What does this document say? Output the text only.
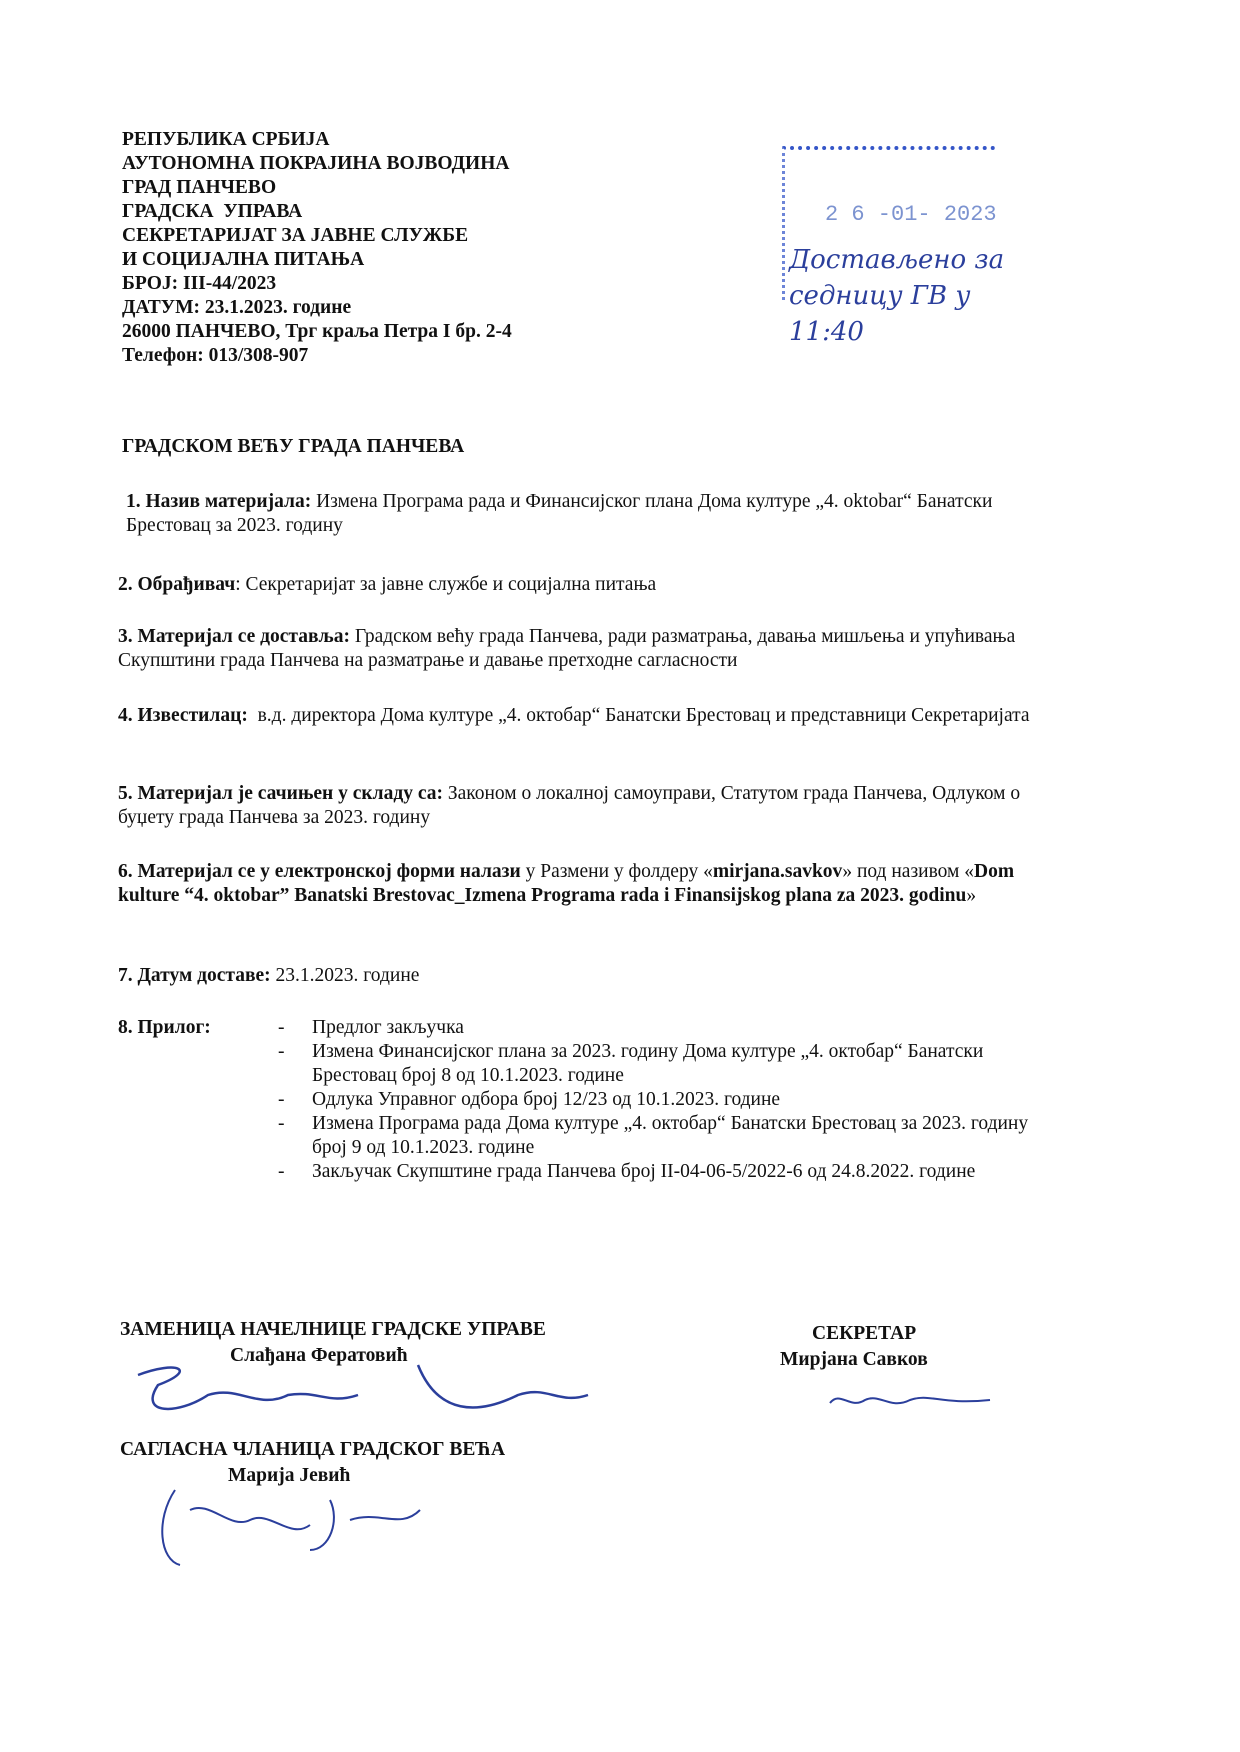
РЕПУБЛИКА СРБИЈА
АУТОНОМНА ПОКРАЈИНА ВОЈВОДИНА
ГРАД ПАНЧЕВО
ГРАДСКА  УПРАВА
СЕКРЕТАРИЈАТ ЗА ЈАВНЕ СЛУЖБЕ
И СОЦИЈАЛНА ПИТАЊА
БРОЈ: III-44/2023
ДАТУМ: 23.1.2023. године
26000 ПАНЧЕВО, Трг краља Петра I бр. 2-4
Телефон: 013/308-907
2 6 -01- 2023
Достављено за седницу ГВ у 11:40
ГРАДСКОМ ВЕЋУ ГРАДА ПАНЧЕВА
1. Назив материјала: Измена Програма рада и Финансијског плана Дома културе „4. oktobar“ Банатски Брестовац за 2023. годину
2. Обрађивач: Секретаријат за јавне службе и социјална питања
3. Материјал се доставља: Градском већу града Панчева, ради разматрања, давања мишљења и упућивања Скупштини града Панчева на разматрање и давање претходне сагласности
4. Известилац:  в.д. директора Дома културе „4. октобар“ Банатски Брестовац и представници Секретаријата
5. Материјал је сачињен у складу са: Законом о локалној самоуправи, Статутом града Панчева, Одлуком о буџету града Панчева за 2023. годину
6. Материјал се у електронској форми налази у Размени у фолдеру «mirjana.savkov» под називом «Dom kulture “4. oktobar” Banatski Brestovac_Izmena Programa rada i Finansijskog plana za 2023. godinu»
7. Датум доставе: 23.1.2023. године
8. Прилог:	- Предлог закључка
- Измена Финансијског плана за 2023. годину Дома културе „4. октобар“ Банатски Брестовац број 8 од 10.1.2023. године
- Одлука Управног одбора број 12/23 од 10.1.2023. године
- Измена Програма рада Дома културе „4. октобар“ Банатски Брестовац за 2023. годину број 9 од 10.1.2023. године
- Закључак Скупштине града Панчева број II-04-06-5/2022-6 од 24.8.2022. године
ЗАМЕНИЦА НАЧЕЛНИЦЕ ГРАДСКЕ УПРАВЕ
Слађана Фератовић
СЕКРЕТАР
Мирјана Савков
САГЛАСНА ЧЛАНИЦА ГРАДСКОГ ВЕЋА
Марија Јевић
